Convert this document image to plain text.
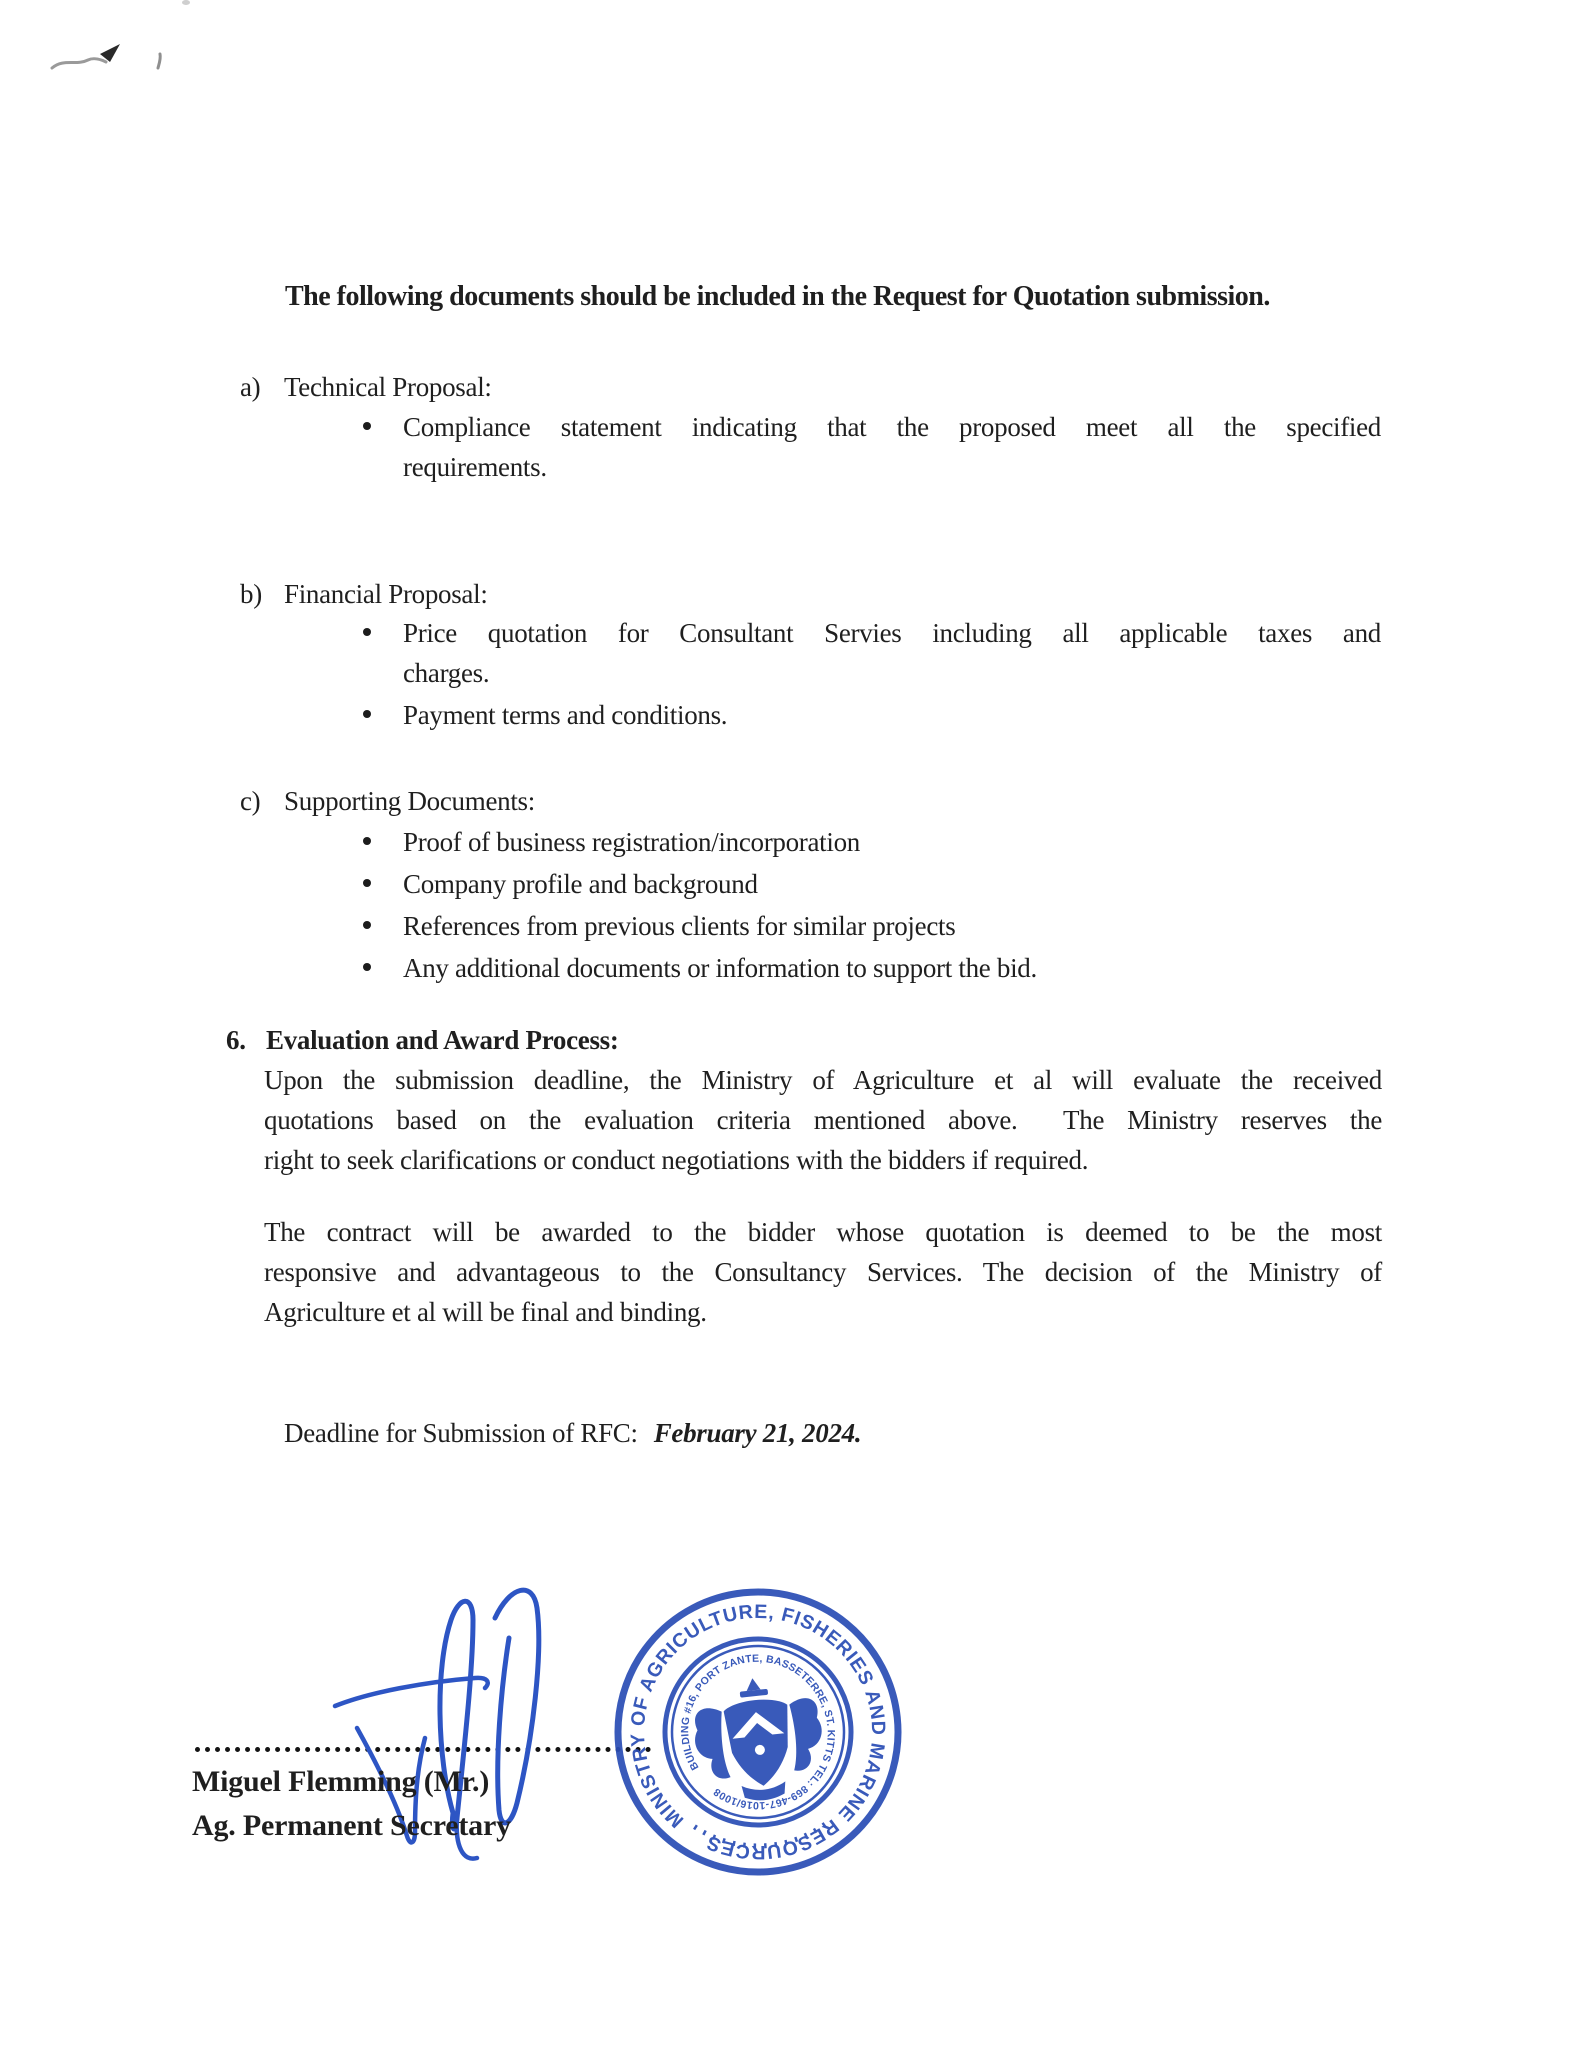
The following documents should be included in the Request for Quotation submission.
a) Technical Proposal:
Compliance statement indicating that the proposed meet all the specified
requirements.
b) Financial Proposal:
Price quotation for Consultant Servies including all applicable taxes and
charges.
Payment terms and conditions.
c) Supporting Documents:
Proof of business registration/incorporation
Company profile and background
References from previous clients for similar projects
Any additional documents or information to support the bid.
6. Evaluation and Award Process:
Upon the submission deadline, the Ministry of Agriculture et al will evaluate the received
quotations based on the evaluation criteria mentioned above.  The Ministry reserves the
right to seek clarifications or conduct negotiations with the bidders if required.
The contract will be awarded to the bidder whose quotation is deemed to be the most
responsive and advantageous to the Consultancy Services. The decision of the Ministry of
Agriculture et al will be final and binding.
Deadline for Submission of RFC: February 21, 2024.
Miguel Flemming (Mr.)
Ag. Permanent Secretary	MINISTRY OF AGRICULTURE, FISHERIES AND MARINE RESOURCES
BUILDING #16, PORT ZANTE, BASSETERRE, ST. KITTS TEL: 869-467-1016/1008
